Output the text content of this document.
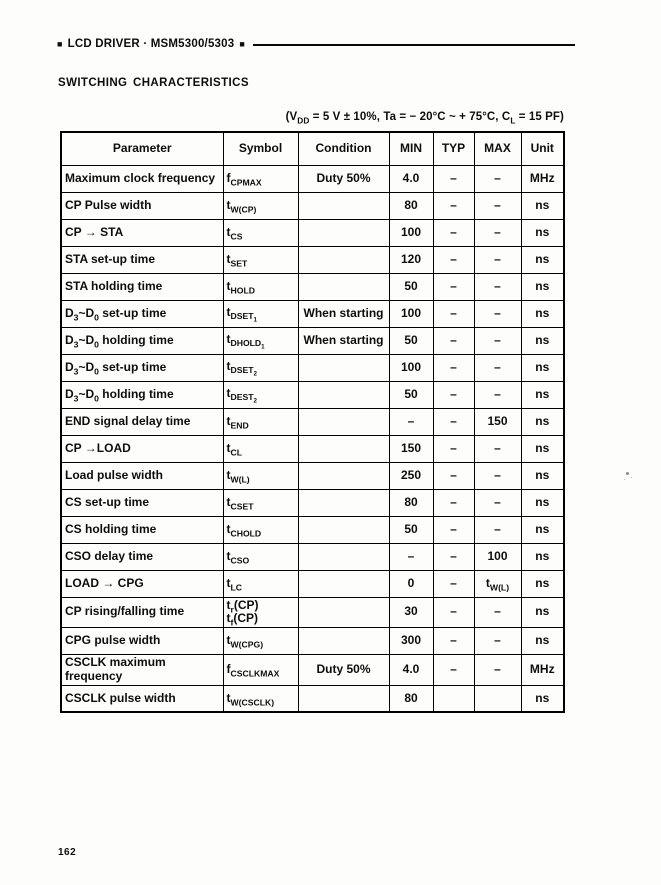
■ LCD DRIVER · MSM5300/5303 ■
SWITCHING CHARACTERISTICS
($V_{DD} = 5$ V ± 10%, Ta = − 20°C ~ + 75°C, $C_L = 15$ PF)
Parameter	Symbol	Condition	MIN	TYP	MAX	Unit
Maximum clock frequency	$f_{CPMAX}$	Duty 50%	4.0	–	–	MHz
CP Pulse width	$t_{W(CP)}$		80	–	–	ns
CP → STA	$t_{CS}$		100	–	–	ns
STA set-up time	$t_{SET}$		120	–	–	ns
STA holding time	$t_{HOLD}$		50	–	–	ns
$D_3\sim D_0$ set-up time	$t_{DSET_1}$	When starting	100	–	–	ns
$D_3\sim D_0$ holding time	$t_{DHOLD_1}$	When starting	50	–	–	ns
$D_3\sim D_0$ set-up time	$t_{DSET_2}$		100	–	–	ns
$D_3\sim D_0$ holding time	$t_{DEST_2}$		50	–	–	ns
END signal delay time	$t_{END}$		–	–	150	ns
CP →LOAD	$t_{CL}$		150	–	–	ns
Load pulse width	$t_{W(L)}$		250	–	–	ns
CS set-up time	$t_{CSET}$		80	–	–	ns
CS holding time	$t_{CHOLD}$		50	–	–	ns
CSO delay time	$t_{CSO}$		–	–	100	ns
LOAD → CPG	$t_{LC}$		0	–	$t_{W(L)}$	ns
CP rising/falling time	$t_r(CP)$
$t_f(CP)$		30	–	–	ns
CPG pulse width	$t_{W(CPG)}$		300	–	–	ns
CSCLK maximum frequency	$f_{CSCLKMAX}$	Duty 50%	4.0	–	–	MHz
CSCLK pulse width	$t_{W(CSCLK)}$		80			ns
162
